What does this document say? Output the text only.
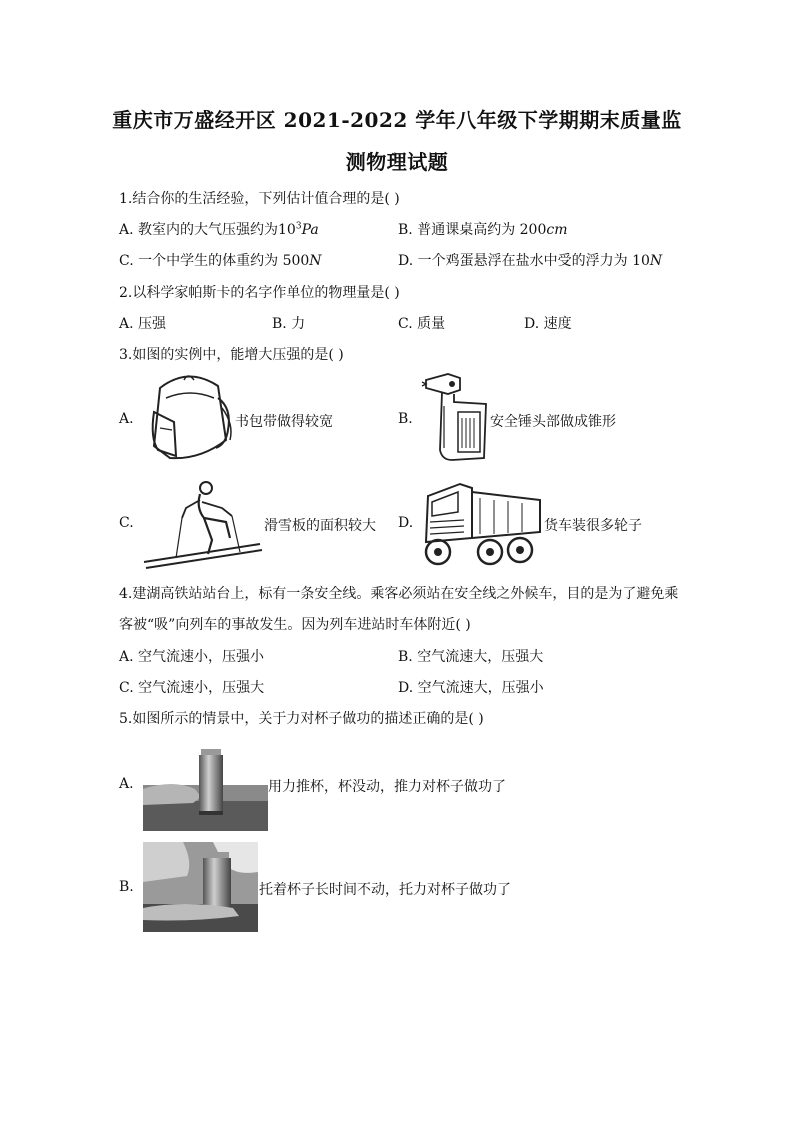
重庆市万盛经开区 2021-2022 学年八年级下学期期末质量监
测物理试题
1.结合你的生活经验，下列估计值合理的是( )
A. 教室内的大气压强约为$10^3Pa$	B. 普通课桌高约为 200cm
C. 一个中学生的体重约为 500N	D. 一个鸡蛋悬浮在盐水中受的浮力为 10N
2.以科学家帕斯卡的名字作单位的物理量是( )
A. 压强	B. 力	C. 质量	D. 速度
3.如图的实例中，能增大压强的是( )
A.	书包带做得较宽	B.	安全锤头部做成锥形
C.	滑雪板的面积较大 D.	货车装很多轮子
4.建湖高铁站站台上，标有一条安全线。乘客必须站在安全线之外候车，目的是为了避免乘
客被“吸”向列车的事故发生。因为列车进站时车体附近( )
A. 空气流速小，压强小	B. 空气流速大，压强大
C. 空气流速小，压强大	D. 空气流速大，压强小
5.如图所示的情景中，关于力对杯子做功的描述正确的是( )
A.	用力推杯，杯没动，推力对杯子做功了
B.	托着杯子长时间不动，托力对杯子做功了
